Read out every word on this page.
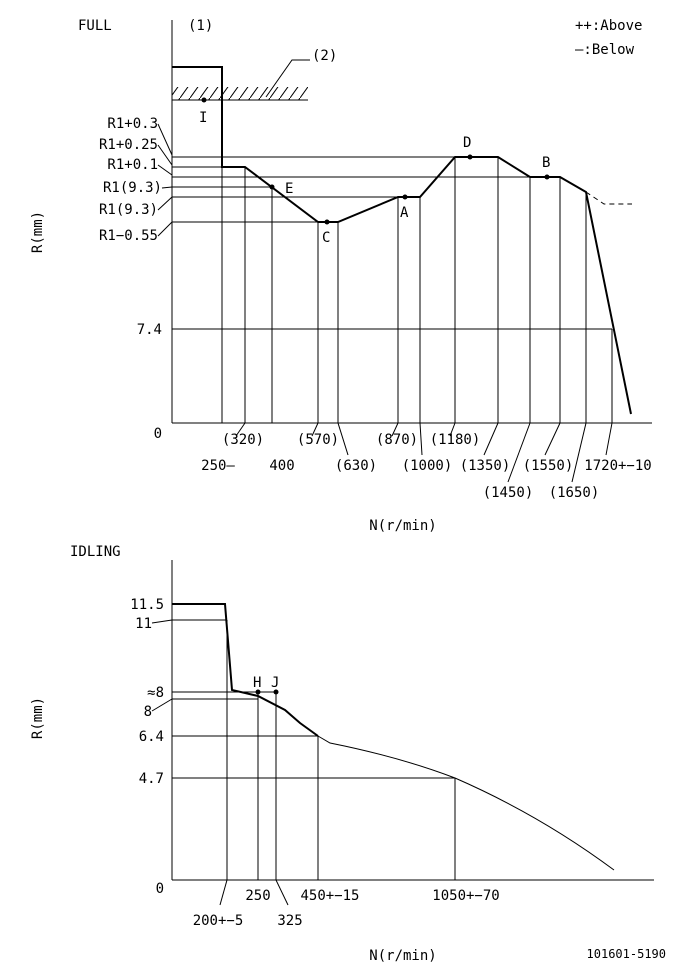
FULL	(1)
(2)
++:Above
—:Below
I
E
C
A
D
B
R1+0.3
R1+0.25
R1+0.1
R1(9.3)
R1(9.3)
R1−0.55
7.4
0
R(mm)
(320) (570)	(870) (1180)
250— 400	(630) (1000) (1350) (1550) 1720+−10
(1450) (1650)
N(r/min)
IDLING
H J
11.5
11
≈8
8
6.4
4.7
0
R(mm)
200+−5
250
325
450+−15	1050+−70
N(r/min)	101601-5190
